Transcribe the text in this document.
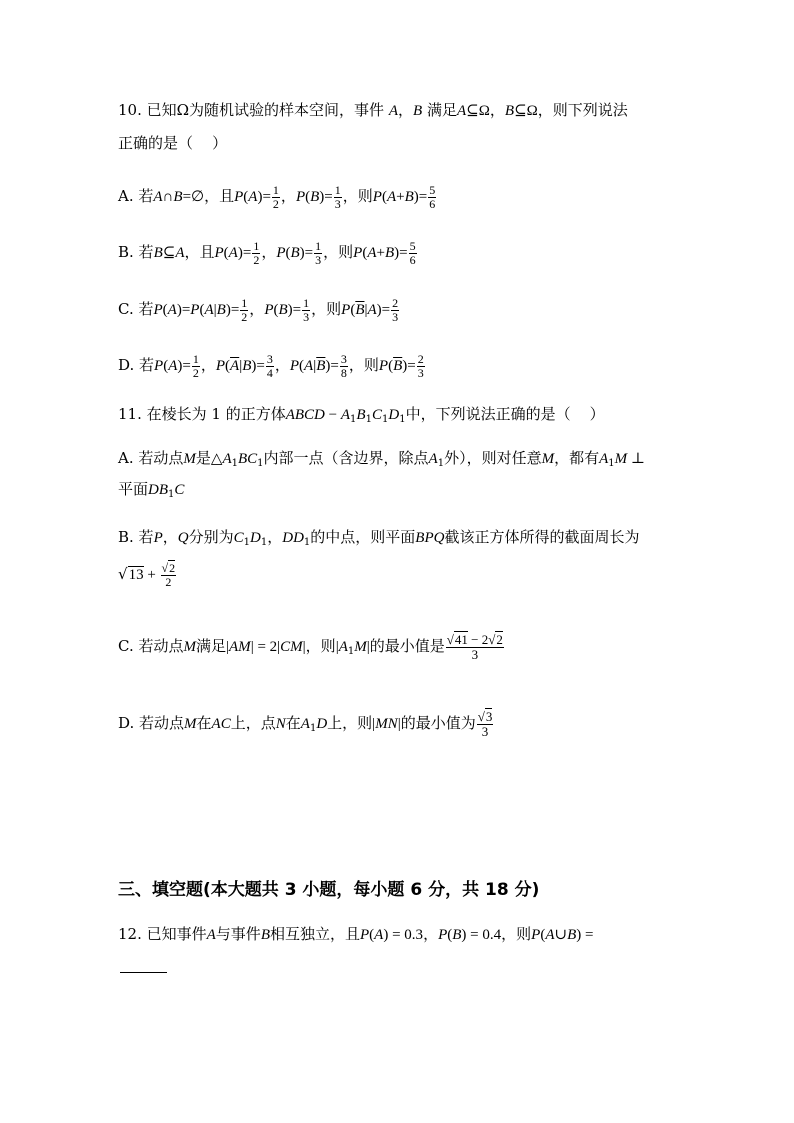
10. 已知Ω为随机试验的样本空间，事件 A，B 满足A⊆Ω，B⊆Ω，则下列说法
正确的是（    ）
A. 若A∩B=∅，且$P(A)= \frac{1}{2}$ ，$P(B)= \frac{1}{3}$ ，则$P(A+B)= \frac{5}{6}$
B. 若B⊆A，且$P(A)= \frac{1}{2}$ ，$P(B)= \frac{1}{3}$ ，则$P(A+B)= \frac{5}{6}$
C. 若$P(A)=P(A|B)= \frac{1}{2}$ ，$P(B)= \frac{1}{3}$ ，则$P(\overline{B}|A)= \frac{2}{3}$
D. 若$P(A)= \frac{1}{2}$ ，$P(\overline{A}|B)= \frac{3}{4}$ ，$P(A|\overline{B})= \frac{3}{8}$ ，则$P(\overline{B})= \frac{2}{3}$
11. 在棱长为 1 的正方体ABCD − $A_1B_1C_1D_1$中，下列说法正确的是（    ）
A. 若动点M是$\triangle A_1BC_1$内部一点（含边界，除点$A_1$外），则对任意M，都有$A_1M$ ⊥
平面$DB_1C$
B. 若P，Q分别为$C_1D_1$，$DD_1$的中点，则平面BPQ截该正方体所得的截面周长为
$√13 + \frac{√2}{2}$
C. 若动点M满足|AM| = 2|CM|，则$|A_1M|$的最小值是 $\frac{√41 - 2√2}{3}$
D. 若动点M在AC上，点N在$A_1D$上，则|MN|的最小值为 $\frac{√3}{3}$
三、填空题(本大题共 3 小题，每小题 6 分，共 18 分)
12. 已知事件A与事件B相互独立，且P(A) = 0.3，P(B) = 0.4，则P(A∪B) =
